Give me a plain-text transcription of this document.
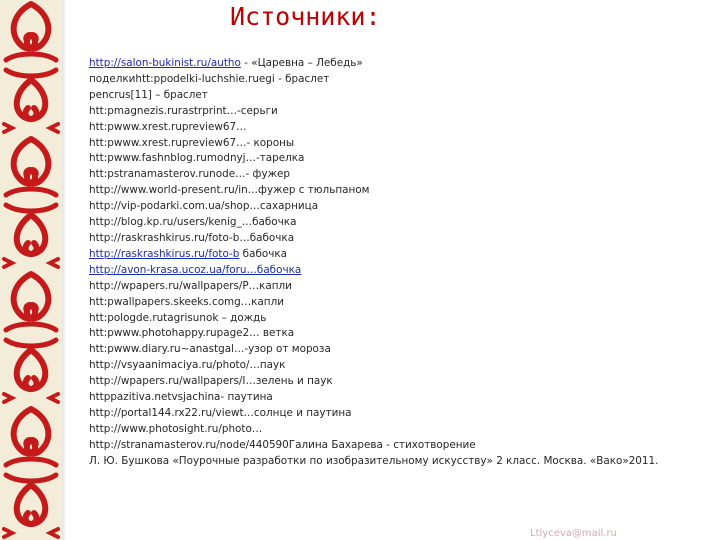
Источники:
http://salon-bukinist.ru/autho - «Царевна – Лебедь»
поделкиhtt:ppodelki-luchshie.ruegi - браслет
pencrus[11] – браслет
htt:pmagnezis.rurastrprint…-серьги
htt:pwww.xrest.rupreview67…
htt:pwww.xrest.rupreview67…- короны
htt:pwww.fashnblog.rumodnyj…-тарелка
htt:pstranamasterov.runode…- фужер
http://www.world-present.ru/in…фужер с тюльпаном
http://vip-podarki.com.ua/shop…сахарница
http://blog.kp.ru/users/kenig_…бабочка
http://raskrashkirus.ru/foto-b…бабочка
http://raskrashkirus.ru/foto-b бабочка
http://avon-krasa.ucoz.ua/foru…бабочка
http://wpapers.ru/wallpapers/P…капли
htt:pwallpapers.skeeks.comg…капли
htt:pologde.rutagrisunok – дождь
htt:pwww.photohappy.rupage2… ветка
htt:pwww.diary.ru~anastgal…-узор от мороза
http://vsyaanimaciya.ru/photo/…паук
http://wpapers.ru/wallpapers/I…зелень и паук
httppazitiva.netvsjachina- паутина
http://portal144.rx22.ru/viewt…солнце и паутина
http://www.photosight.ru/photo…
http://stranamasterov.ru/node/440590Галина Бахарева - стихотворение
Л. Ю. Бушкова «Поурочные разработки по изобразительному искусству» 2 класс. Москва. «Вако»2011.
Ltlyceva@mail.ru
